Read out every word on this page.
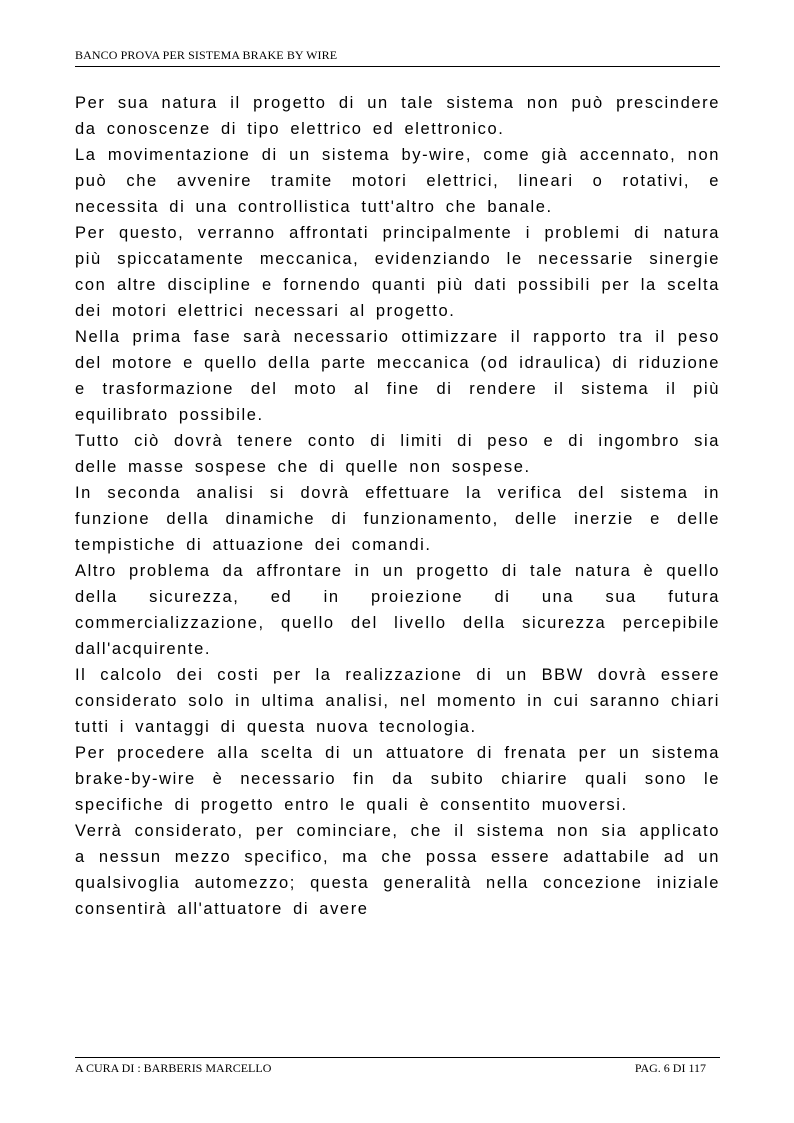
BANCO PROVA PER SISTEMA BRAKE BY WIRE

Per sua natura il progetto di un tale sistema non può prescindere da conoscenze di tipo elettrico ed elettronico.

La movimentazione di un sistema by-wire, come già accennato, non può che avvenire tramite motori elettrici, lineari o rotativi, e necessita di una controllistica tutt'altro che banale.

Per questo, verranno affrontati principalmente i problemi di natura più spiccatamente meccanica, evidenziando le necessarie sinergie con altre discipline e fornendo quanti più dati possibili per la scelta dei motori elettrici necessari al progetto.

Nella prima fase sarà necessario ottimizzare il rapporto tra il peso del motore e quello della parte meccanica (od idraulica) di riduzione e trasformazione del moto al fine di rendere il sistema il più equilibrato possibile.

Tutto ciò dovrà tenere conto di limiti di peso e di ingombro sia delle masse sospese che di quelle non sospese.

In seconda analisi si dovrà effettuare la verifica del sistema in funzione della dinamiche di funzionamento, delle inerzie e delle tempistiche di attuazione dei comandi.

Altro problema da affrontare in un progetto di tale natura è quello della sicurezza, ed in proiezione di una sua futura commercializzazione, quello del livello della sicurezza percepibile dall'acquirente.

Il calcolo dei costi per la realizzazione di un BBW dovrà essere considerato solo in ultima analisi, nel momento in cui saranno chiari tutti i vantaggi di questa nuova tecnologia.

Per procedere alla scelta di un attuatore di frenata per un sistema brake-by-wire è necessario fin da subito chiarire quali sono le specifiche di progetto entro le quali è consentito muoversi.

Verrà considerato, per cominciare, che il sistema non sia applicato a nessun mezzo specifico, ma che possa essere adattabile ad un qualsivoglia automezzo; questa generalità nella concezione iniziale consentirà all'attuatore di avere

A CURA DI : BARBERIS MARCELLO	PAG. 6 DI 117
